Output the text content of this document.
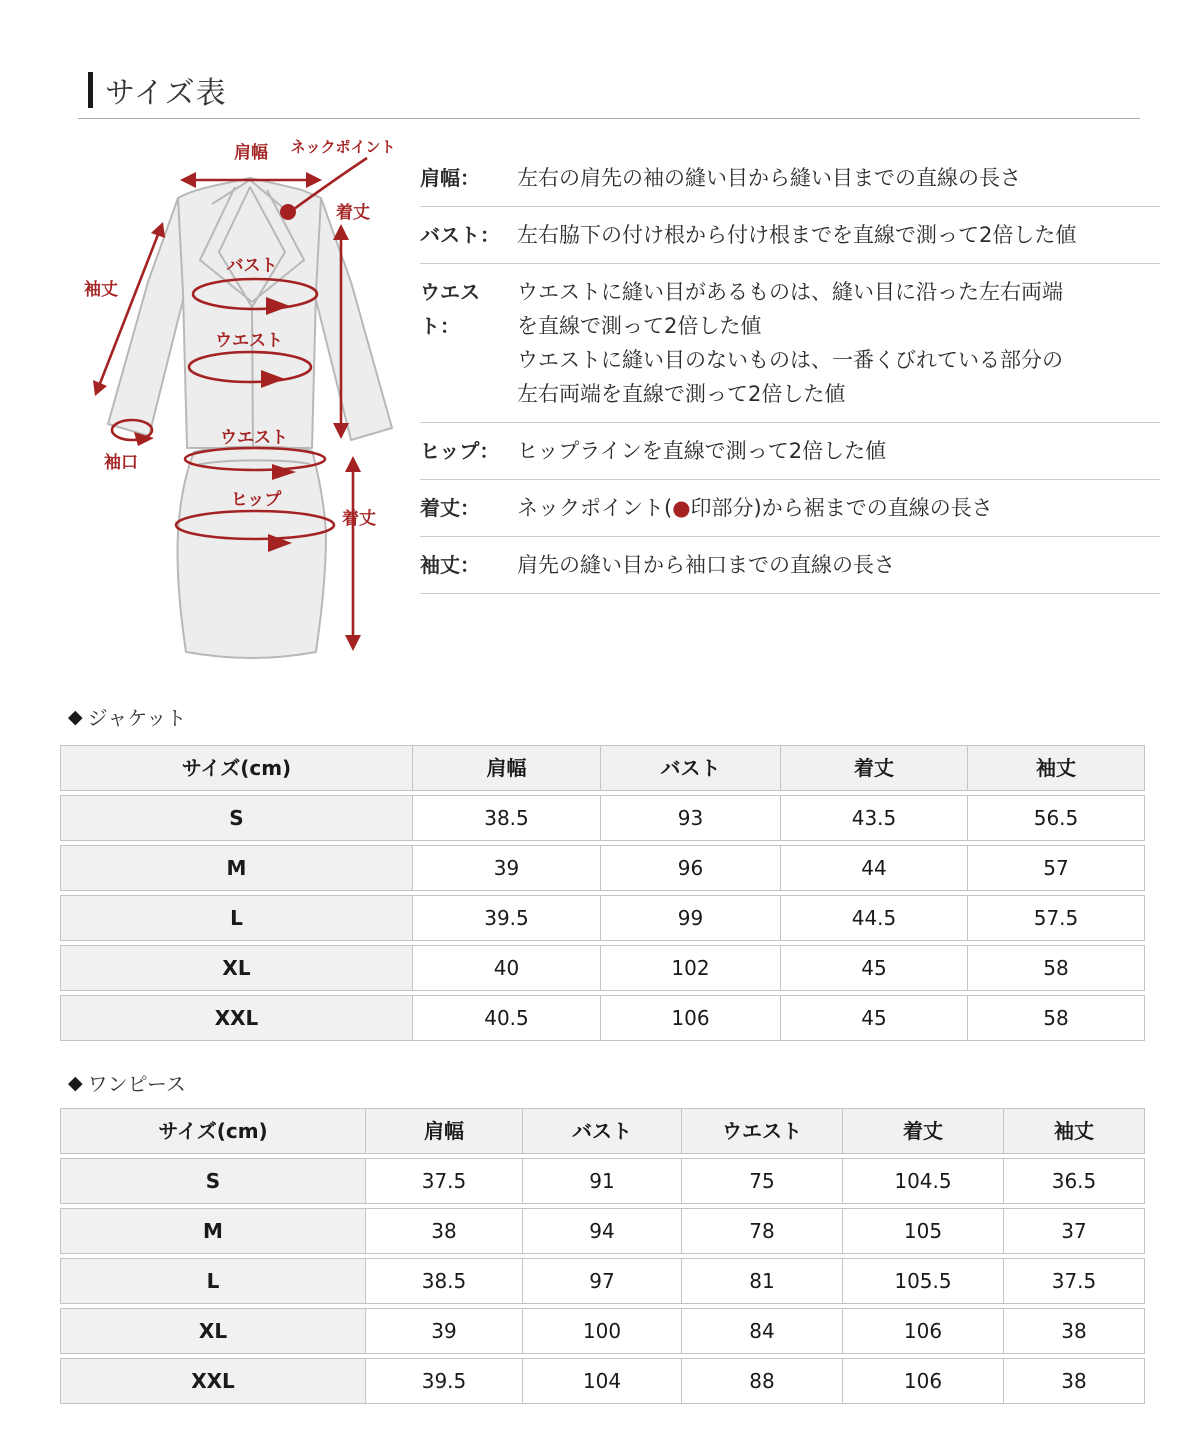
サイズ表
肩幅 ネックポイント
着丈
袖丈
バスト
ウエスト
袖口
ウエスト
ヒップ
着丈
肩幅：	左右の肩先の袖の縫い目から縫い目までの直線の長さ
バスト： 左右脇下の付け根から付け根までを直線で測って2倍した値
ウエスト：
ウエストに縫い目があるものは、縫い目に沿った左右両端
を直線で測って2倍した値
ウエストに縫い目のないものは、一番くびれている部分の
左右両端を直線で測って2倍した値
ヒップ： ヒップラインを直線で測って2倍した値
着丈：	ネックポイント(●印部分)から裾までの直線の長さ
袖丈：	肩先の縫い目から袖口までの直線の長さ
◆ ジャケット
サイズ(cm)	肩幅	バスト	着丈	袖丈
S	38.5	93	43.5	56.5
M	39	96	44	57
L	39.5	99	44.5	57.5
XL	40	102	45	58
XXL	40.5	106	45	58
◆ ワンピース
サイズ(cm)	肩幅	バスト	ウエスト	着丈	袖丈
S	37.5	91	75	104.5	36.5
M	38	94	78	105	37
L	38.5	97	81	105.5	37.5
XL	39	100	84	106	38
XXL	39.5	104	88	106	38
